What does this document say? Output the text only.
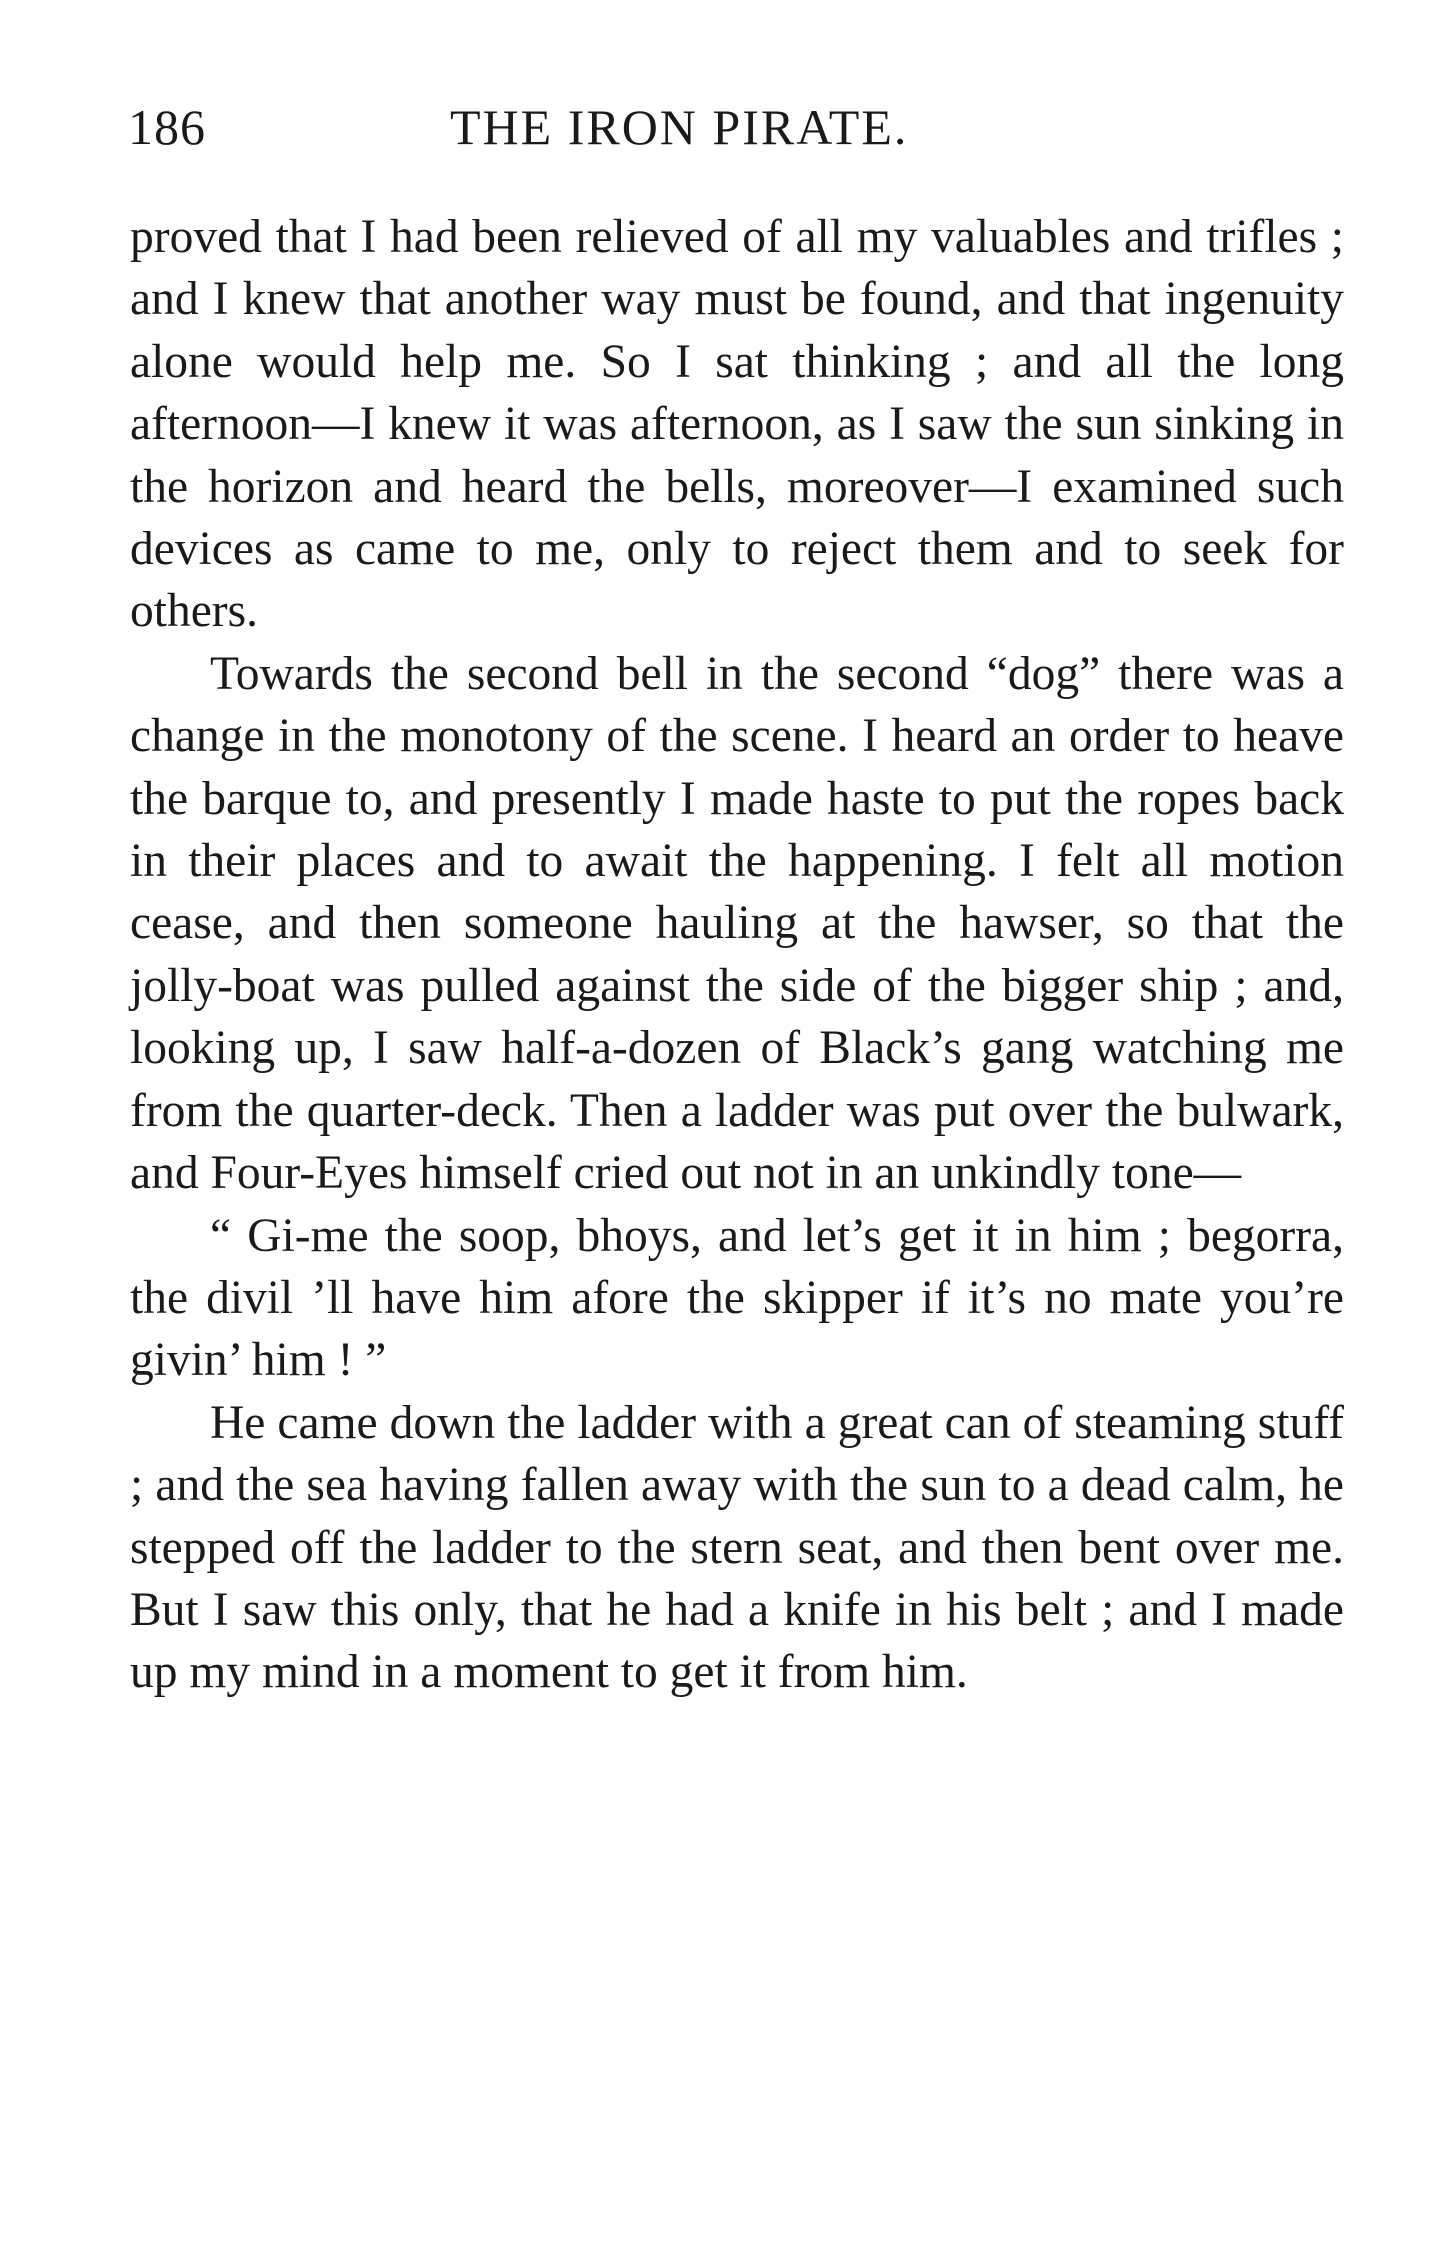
186	THE IRON PIRATE.

proved that I had been relieved of all my valuables and trifles ; and I knew that another way must be found, and that ingenuity alone would help me. So I sat thinking ; and all the long afternoon—I knew it was afternoon, as I saw the sun sinking in the horizon and heard the bells, moreover—I examined such devices as came to me, only to reject them and to seek for others.

Towards the second bell in the second “dog” there was a change in the monotony of the scene. I heard an order to heave the barque to, and presently I made haste to put the ropes back in their places and to await the happening. I felt all motion cease, and then someone hauling at the hawser, so that the jolly-boat was pulled against the side of the bigger ship ; and, looking up, I saw half-a-dozen of Black’s gang watching me from the quarter-deck. Then a ladder was put over the bulwark, and Four-Eyes himself cried out not in an unkindly tone—

“ Gi-me the soop, bhoys, and let’s get it in him ; begorra, the divil ’ll have him afore the skipper if it’s no mate you’re givin’ him ! ”

He came down the ladder with a great can of steaming stuff ; and the sea having fallen away with the sun to a dead calm, he stepped off the ladder to the stern seat, and then bent over me. But I saw this only, that he had a knife in his belt ; and I made up my mind in a moment to get it from him.
